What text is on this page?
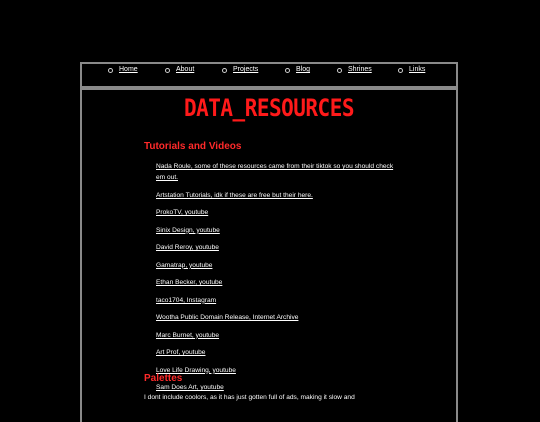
Home	About	Projects	Blog	Shrines	Links
DATA_RESOURCES
Tutorials and Videos
Nada Roule, some of these resources came from their tiktok so you should check em out.
Artstation Tutorials, idk if these are free but their here.
ProkoTV, youtube
Sinix Design, youtube
David Reroy, youtube
Gamatrap, youtube
Ethan Becker, youtube
taco1704, Instagram
Wootha Public Domain Release, Internet Archive
Marc Burnet, youtube
Art Prof, youtube
Love Life Drawing, youtube
Sam Does Art, youtube
Palettes
I dont include coolors, as it has just gotten full of ads, making it slow and
